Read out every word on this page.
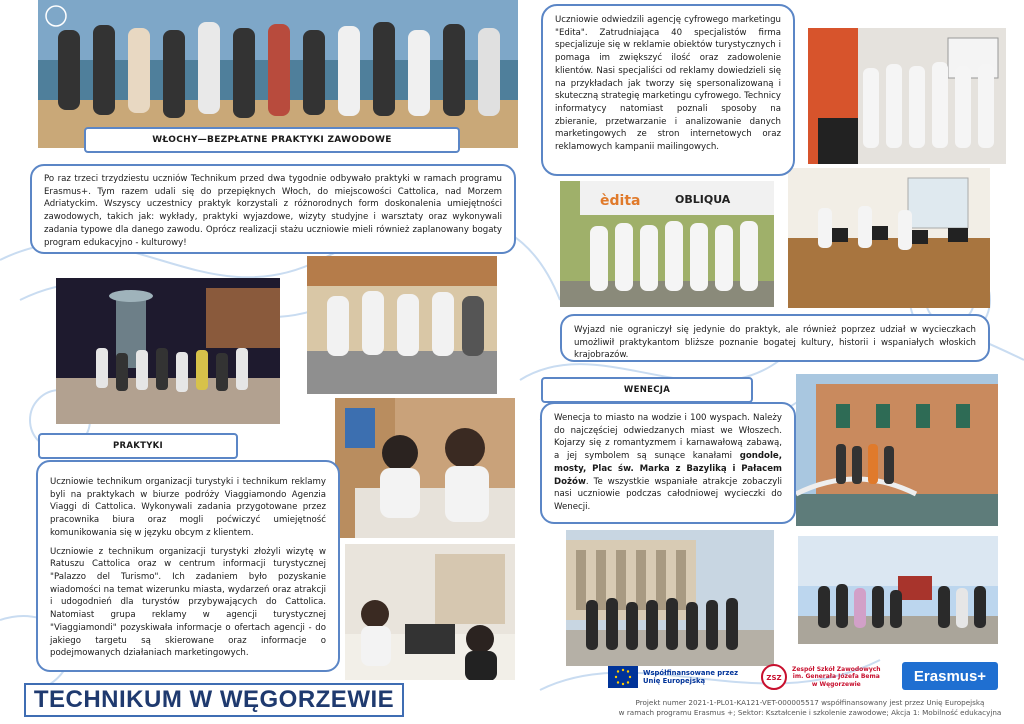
WŁOCHY—BEZPŁATNE PRAKTYKI ZAWODOWE

Po raz trzeci trzydziestu uczniów Technikum przed dwa tygodnie odbywało praktyki w ramach programu Erasmus+. Tym razem udali się do przepięknych Włoch, do miejscowości Cattolica, nad Morzem Adriatyckim. Wszyscy uczestnicy praktyk korzystali z różnorodnych form doskonalenia umiejętności zawodowych, takich jak: wykłady, praktyki wyjazdowe, wizyty studyjne i warsztaty oraz wykonywali zadania typowe dla danego zawodu. Oprócz realizacji stażu uczniowie mieli również zaplanowany bogaty program edukacyjno - kulturowy!

PRAKTYKI

Uczniowie technikum organizacji turystyki i technikum reklamy byli na praktykach w biurze podróży Viaggiamondo Agenzia Viaggi di Cattolica. Wykonywali zadania przygotowane przez pracownika biura oraz mogli poćwiczyć umiejętność komunikowania się w języku obcym z klientem.

Uczniowie z technikum organizacji turystyki złożyli wizytę w Ratuszu Cattolica oraz w centrum informacji turystycznej "Palazzo del Turismo". Ich zadaniem było pozyskanie wiadomości na temat wizerunku miasta, wydarzeń oraz atrakcji i udogodnień dla turystów przybywających do Cattolica. Natomiast grupa reklamy w agencji turystycznej "Viaggiamondi" pozyskiwała informacje o ofertach agencji - do jakiego targetu są skierowane oraz informacje o podejmowanych działaniach marketingowych.

TECHNIKUM W WĘGORZEWIE

Uczniowie odwiedzili agencję cyfrowego marketingu "Edita". Zatrudniająca 40 specjalistów firma specjalizuje się w reklamie obiektów turystycznych i pomaga im zwiększyć ilość oraz zadowolenie klientów. Nasi specjaliści od reklamy dowiedzieli się na przykładach jak tworzy się spersonalizowaną i skuteczną strategię marketingu cyfrowego. Technicy informatycy natomiast poznali sposoby na zbieranie, przetwarzanie i analizowanie danych marketingowych ze stron internetowych oraz reklamowych kampanii mailingowych.

èdita	OBLIQUA

Wyjazd nie ograniczył się jedynie do praktyk, ale również poprzez udział w wycieczkach umożliwił praktykantom bliższe poznanie bogatej kultury, historii i wspaniałych włoskich krajobrazów.

WENECJA

Wenecja to miasto na wodzie i 100 wyspach. Należy do najczęściej odwiedzanych miast we Włoszech. Kojarzy się z romantyzmem i karnawałową zabawą, a jej symbolem są sunące kanałami gondole, mosty, Plac św. Marka z Bazyliką i Pałacem Dożów. Te wszystkie wspaniałe atrakcje zobaczyli nasi uczniowie podczas całodniowej wycieczki do Wenecji.

Współfinansowane przez
Unię Europejską	ZSZ
Zespół Szkół Zawodowych
im. Generała Józefa Bema
w Węgorzewie	Erasmus+
Projekt numer 2021-1-PL01-KA121-VET-000005517 współfinansowany jest przez Unię Europejską
w ramach programu Erasmus +; Sektor: Kształcenie i szkolenie zawodowe; Akcja 1: Mobilność edukacyjna
